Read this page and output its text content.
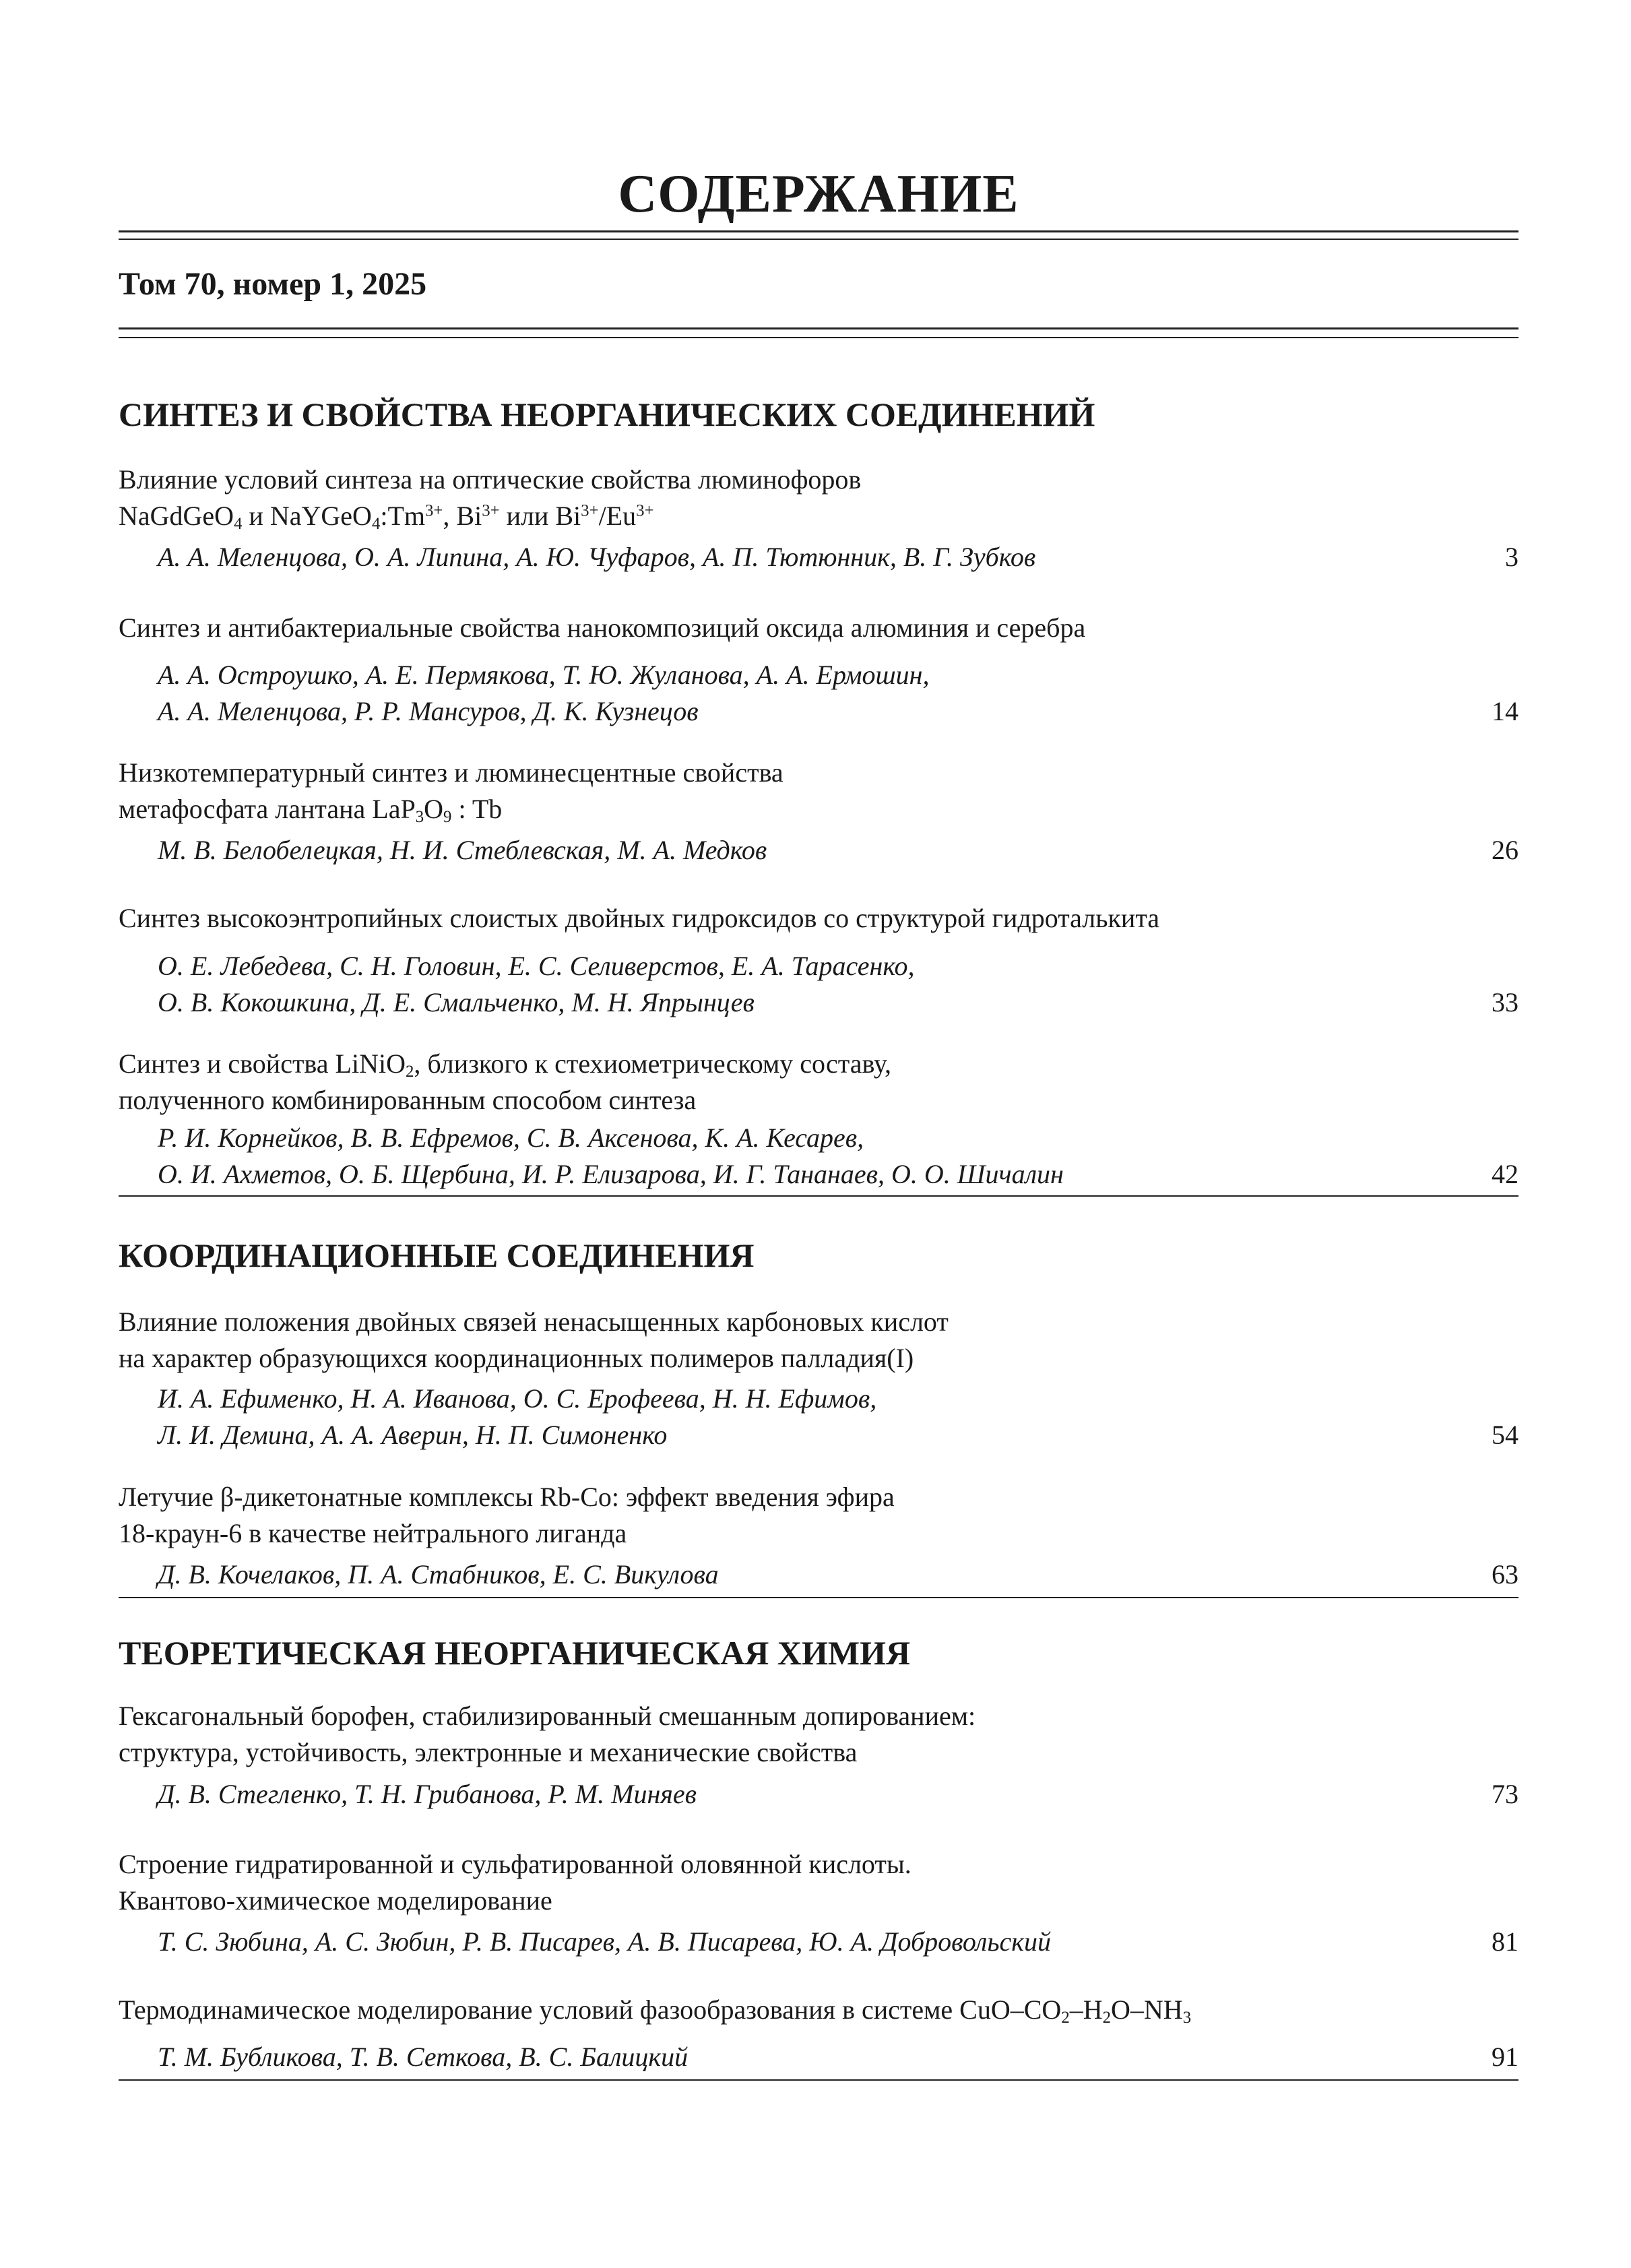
СОДЕРЖАНИЕ
Том 70, номер 1, 2025
СИНТЕЗ И СВОЙСТВА НЕОРГАНИЧЕСКИХ СОЕДИНЕНИЙ
Влияние условий синтеза на оптические свойства люминофоров
NaGdGeO$_4$ и $NaYGeO_4:Tm^{3+}$, $Bi^{3+}$ или $Bi^{3+}/Eu^{3+}$
А. А. Меленцова, О. А. Липина, А. Ю. Чуфаров, А. П. Тютюнник, В. Г. Зубков	3
Синтез и антибактериальные свойства нанокомпозиций оксида алюминия и серебра
А. А. Остроушко, А. Е. Пермякова, Т. Ю. Жуланова, А. А. Ермошин,
А. А. Меленцова, Р. Р. Мансуров, Д. К. Кузнецов	14
Низкотемпературный синтез и люминесцентные свойства
метафосфата лантана $LaP_3O_9$ : Tb
М. В. Белобелецкая, Н. И. Стеблевская, М. А. Медков	26
Синтез высокоэнтропийных слоистых двойных гидроксидов со структурой гидроталькита
О. Е. Лебедева, С. Н. Головин, Е. С. Селиверстов, Е. А. Тарасенко,
О. В. Кокошкина, Д. Е. Смальченко, М. Н. Япрынцев	33
Синтез и свойства LiNiO$_2$, близкого к стехиометрическому составу,
полученного комбинированным способом синтеза
Р. И. Корнейков, В. В. Ефремов, С. В. Аксенова, К. А. Кесарев,
О. И. Ахметов, О. Б. Щербина, И. Р. Елизарова, И. Г. Тананаев, О. О. Шичалин	42
КООРДИНАЦИОННЫЕ СОЕДИНЕНИЯ
Влияние положения двойных связей ненасыщенных карбоновых кислот
на характер образующихся координационных полимеров палладия(I)
И. А. Ефименко, Н. А. Иванова, О. С. Ерофеева, Н. Н. Ефимов,
Л. И. Демина, А. А. Аверин, Н. П. Симоненко	54
Летучие β-дикетонатные комплексы Rb-Co: эффект введения эфира
18-краун-6 в качестве нейтрального лиганда
Д. В. Кочелаков, П. А. Стабников, Е. С. Викулова	63
ТЕОРЕТИЧЕСКАЯ НЕОРГАНИЧЕСКАЯ ХИМИЯ
Гексагональный борофен, стабилизированный смешанным допированием:
структура, устойчивость, электронные и механические свойства
Д. В. Стегленко, Т. Н. Грибанова, Р. М. Миняев	73
Строение гидратированной и сульфатированной оловянной кислоты.
Квантово-химическое моделирование
Т. С. Зюбина, А. С. Зюбин, Р. В. Писарев, А. В. Писарева, Ю. А. Добровольский	81
Термодинамическое моделирование условий фазообразования в системе CuO–$CO_2-H_2O-NH_3$
Т. М. Бубликова, Т. В. Сеткова, В. С. Балицкий	91
